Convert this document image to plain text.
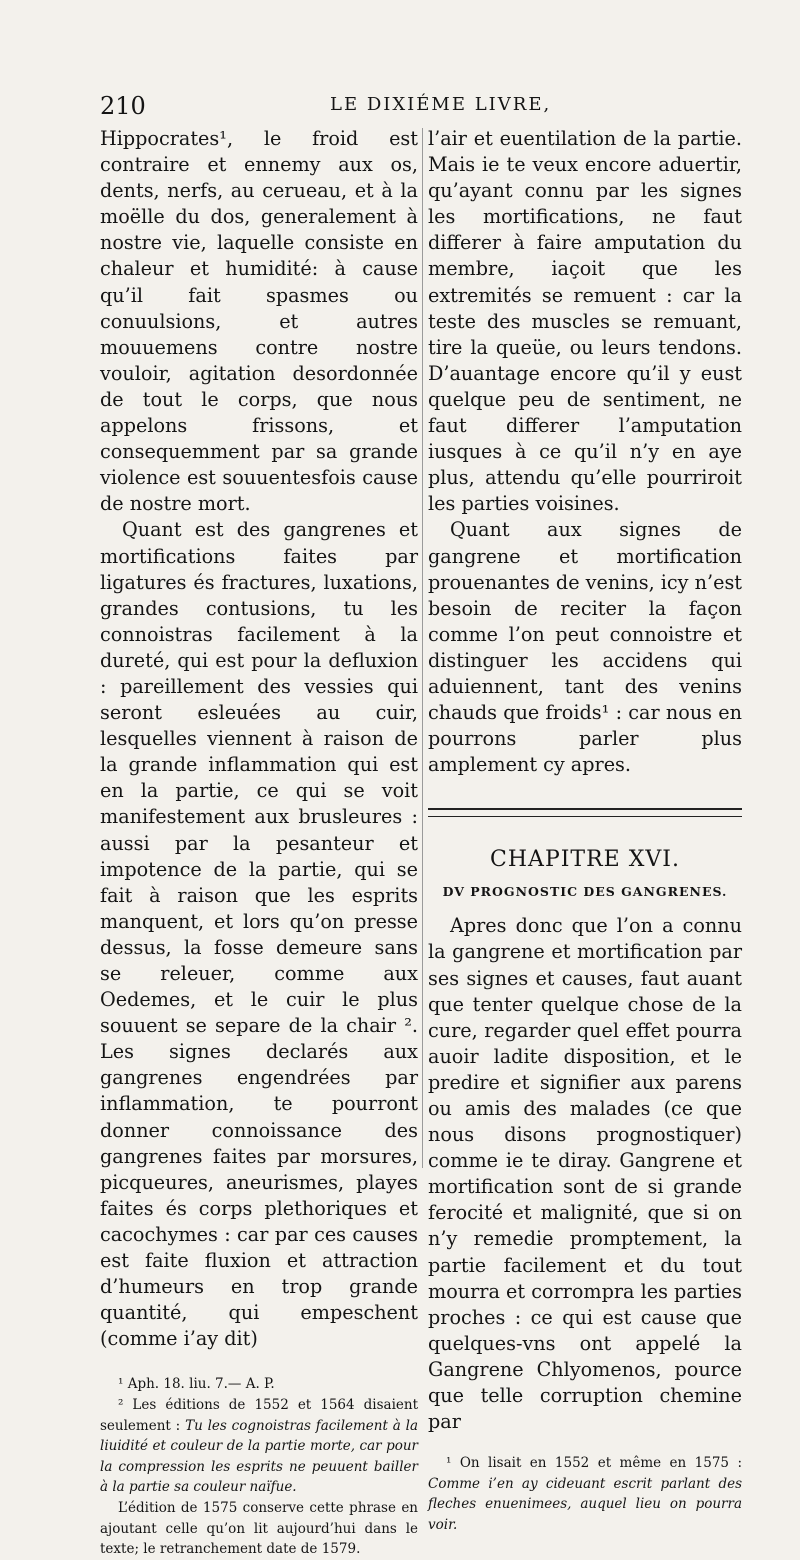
210	LE DIXIÉME LIVRE,

Hippocrates¹, le froid est contraire et ennemy aux os, dents, nerfs, au cerueau, et à la moëlle du dos, generalement à nostre vie, laquelle consiste en chaleur et humidité: à cause qu’il fait spasmes ou conuulsions, et autres mouuemens contre nostre vouloir, agitation desordonnée de tout le corps, que nous appelons frissons, et consequemment par sa grande violence est souuentesfois cause de nostre mort.

Quant est des gangrenes et mortifications faites par ligatures és fractures, luxations, grandes contusions, tu les connoistras facilement à la dureté, qui est pour la defluxion : pareillement des vessies qui seront esleuées au cuir, lesquelles viennent à raison de la grande inflammation qui est en la partie, ce qui se voit manifestement aux brusleures : aussi par la pesanteur et impotence de la partie, qui se fait à raison que les esprits manquent, et lors qu’on presse dessus, la fosse demeure sans se releuer, comme aux Oedemes, et le cuir le plus souuent se separe de la chair ². Les signes declarés aux gangrenes engendrées par inflammation, te pourront donner connoissance des gangrenes faites par morsures, picqueures, aneurismes, playes faites és corps plethoriques et cacochymes : car par ces causes est faite fluxion et attraction d’humeurs en trop grande quantité, qui empeschent (comme i’ay dit)

¹ Aph. 18. liu. 7.— A. P.

² Les éditions de 1552 et 1564 disaient seulement : Tu les cognoistras facilement à la liuidité et couleur de la partie morte, car pour la compression les esprits ne peuuent bailler à la partie sa couleur naïfue.

L’édition de 1575 conserve cette phrase en ajoutant celle qu’on lit aujourd’hui dans le texte; le retranchement date de 1579.

l’air et euentilation de la partie. Mais ie te veux encore aduertir, qu’ayant connu par les signes les mortifications, ne faut differer à faire amputation du membre, iaçoit que les extremités se remuent : car la teste des muscles se remuant, tire la queüe, ou leurs tendons. D’auantage encore qu’il y eust quelque peu de sentiment, ne faut differer l’amputation iusques à ce qu’il n’y en aye plus, attendu qu’elle pourriroit les parties voisines.

Quant aux signes de gangrene et mortification prouenantes de venins, icy n’est besoin de reciter la façon comme l’on peut connoistre et distinguer les accidens qui aduiennent, tant des venins chauds que froids¹ : car nous en pourrons parler plus amplement cy apres.

CHAPITRE XVI.

DV PROGNOSTIC DES GANGRENES.

Apres donc que l’on a connu la gangrene et mortification par ses signes et causes, faut auant que tenter quelque chose de la cure, regarder quel effet pourra auoir ladite disposition, et le predire et signifier aux parens ou amis des malades (ce que nous disons prognostiquer) comme ie te diray. Gangrene et mortification sont de si grande ferocité et malignité, que si on n’y remedie promptement, la partie facilement et du tout mourra et corrompra les parties proches : ce qui est cause que quelques-vns ont appelé la Gangrene Chlyomenos, pource que telle corruption chemine par

¹ On lisait en 1552 et même en 1575 : Comme i’en ay cideuant escrit parlant des fleches enuenimees, auquel lieu on pourra voir.
